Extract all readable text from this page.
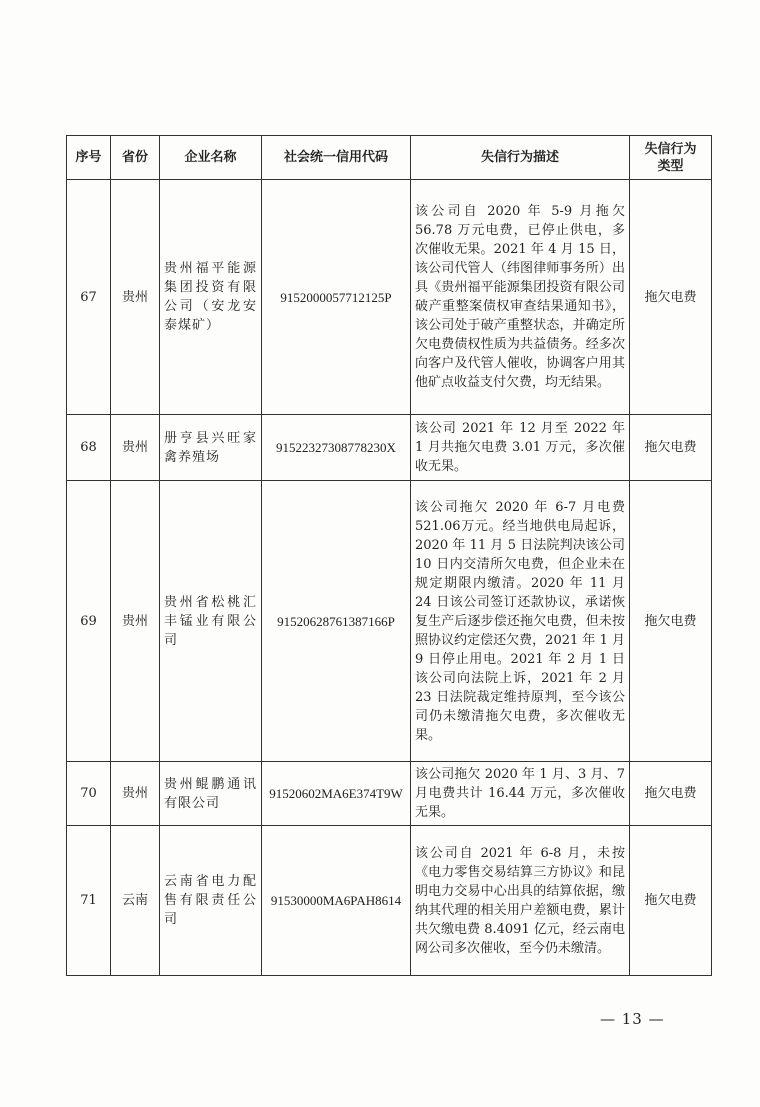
序号	省份	企业名称	社会统一信用代码	失信行为描述	失信行为
类型
67	贵州	贵州福平能源集团投资有限公司（安龙安泰煤矿）	915200005771212​5P	该公司自 2020 年 5-9 月拖欠 56.78 万元电费，已停止供电，多次催收无果。2021 年 4 月 15 日，该公司代管人（纬图律师事务所）出具《贵州福平能源集团投资有限公司破产重整案债权审查结果通知书》，该公司处于破产重整状态，并确定所欠电费债权性质为共益债务。经多次向客户及代管人催收，协调客户用其他矿点收益支付欠费，均无结果。	拖欠电费
68	贵州	册亨县兴旺家禽养殖场	91522327308778230X	该公司 2021 年 12 月至 2022 年 1 月共拖欠电费 3.01 万元，多次催收无果。	拖欠电费
69	贵州	贵州省松桃汇丰锰业有限公司	91520628761387166P	该公司拖欠 2020 年 6-7 月电费 521.06万元。经当地供电局起诉，2020 年 11 月 5 日法院判决该公司 10 日内交清所欠电费，但企业未在规定期限内缴清。2020 年 11 月 24 日该公司签订还款协议，承诺恢复生产后逐步偿还拖欠电费，但未按照协议约定偿还欠费，2021 年 1 月 9 日停止用电。2021 年 2 月 1 日该公司向法院上诉，2021 年 2 月 23 日法院裁定维持原判，至今该公司仍未缴清拖欠电费，多次催收无果。	拖欠电费
70	贵州	贵州鲲鹏通讯有限公司	91520602MA6E374T9W	该公司拖欠 2020 年 1 月、3 月、7 月电费共计 16.44 万元，多次催收无果。	拖欠电费
71	云南	云南省电力配售有限责任公司	91530000MA6PAH8614	该公司自 2021 年 6-8 月，未按《电力零售交易结算三方协议》和昆明电力交易中心出具的结算依据，缴纳其代理的相关用户差额电费，累计共欠缴电费 8.4091 亿元，经云南电网公司多次催收，至今仍未缴清。	拖欠电费
— 13 —
